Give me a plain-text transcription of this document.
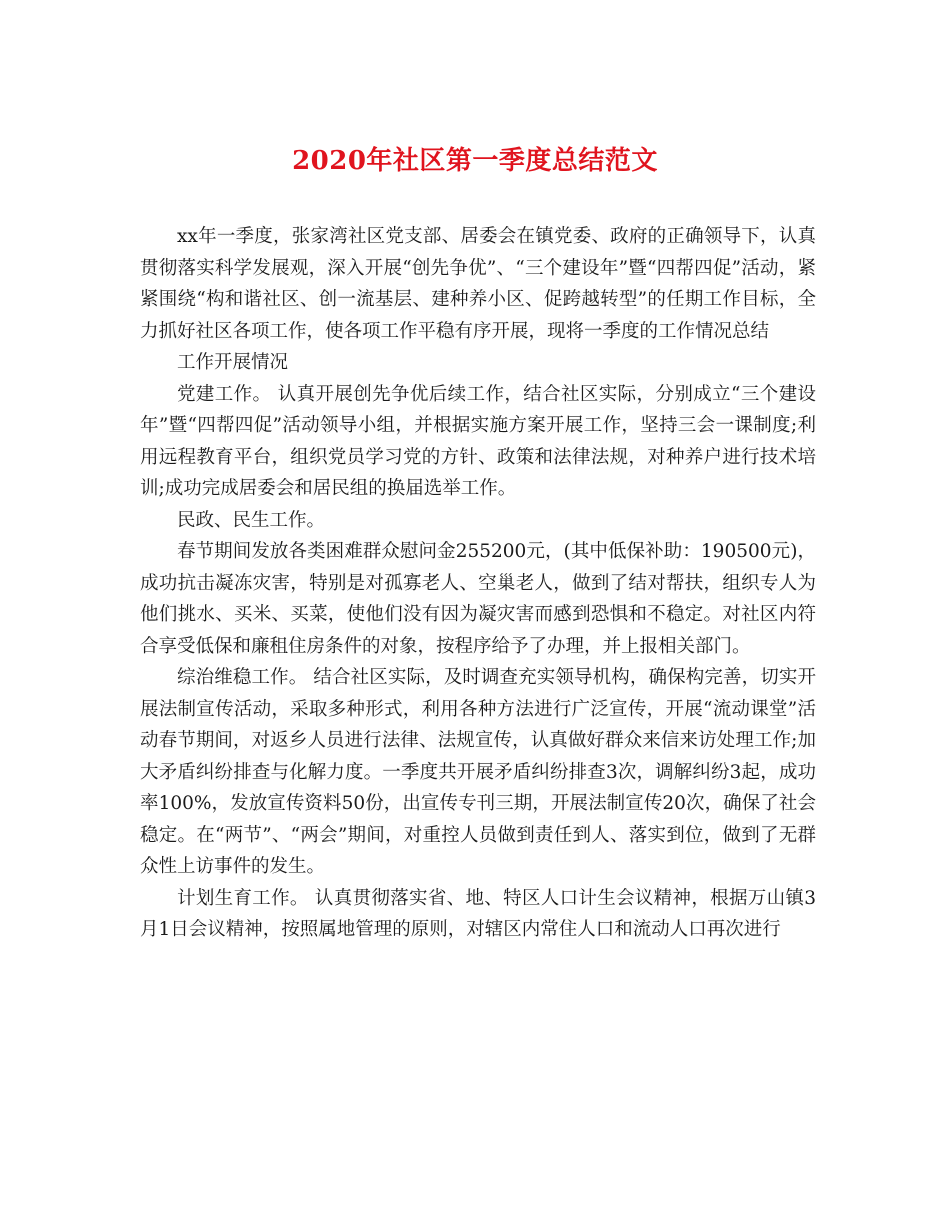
2020年社区第一季度总结范文

xx年一季度，张家湾社区党支部、居委会在镇党委、政府的正确领导下，认真贯彻落实科学发展观，深入开展“创先争优”、“三个建设年”暨“四帮四促”活动，紧紧围绕“构和谐社区、创一流基层、建种养小区、促跨越转型”的任期工作目标，全力抓好社区各项工作，使各项工作平稳有序开展，现将一季度的工作情况总结

工作开展情况

党建工作。 认真开展创先争优后续工作，结合社区实际，分别成立“三个建设年”暨“四帮四促”活动领导小组，并根据实施方案开展工作，坚持三会一课制度;利用远程教育平台，组织党员学习党的方针、政策和法律法规，对种养户进行技术培训;成功完成居委会和居民组的换届选举工作。

民政、民生工作。

春节期间发放各类困难群众慰问金255200元，(其中低保补助：190500元)，成功抗击凝冻灾害，特别是对孤寡老人、空巢老人，做到了结对帮扶，组织专人为他们挑水、买米、买菜，使他们没有因为凝灾害而感到恐惧和不稳定。对社区内符合享受低保和廉租住房条件的对象，按程序给予了办理，并上报相关部门。

综治维稳工作。 结合社区实际，及时调查充实领导机构，确保构完善，切实开展法制宣传活动，采取多种形式，利用各种方法进行广泛宣传，开展“流动课堂”活动春节期间，对返乡人员进行法律、法规宣传，认真做好群众来信来访处理工作;加大矛盾纠纷排查与化解力度。一季度共开展矛盾纠纷排查3次，调解纠纷3起，成功率100%，发放宣传资料50份，出宣传专刊三期，开展法制宣传20次，确保了社会稳定。在“两节”、“两会”期间，对重控人员做到责任到人、落实到位，做到了无群众性上访事件的发生。

计划生育工作。 认真贯彻落实省、地、特区人口计生会议精神，根据万山镇3月1日会议精神，按照属地管理的原则，对辖区内常住人口和流动人口再次进行
